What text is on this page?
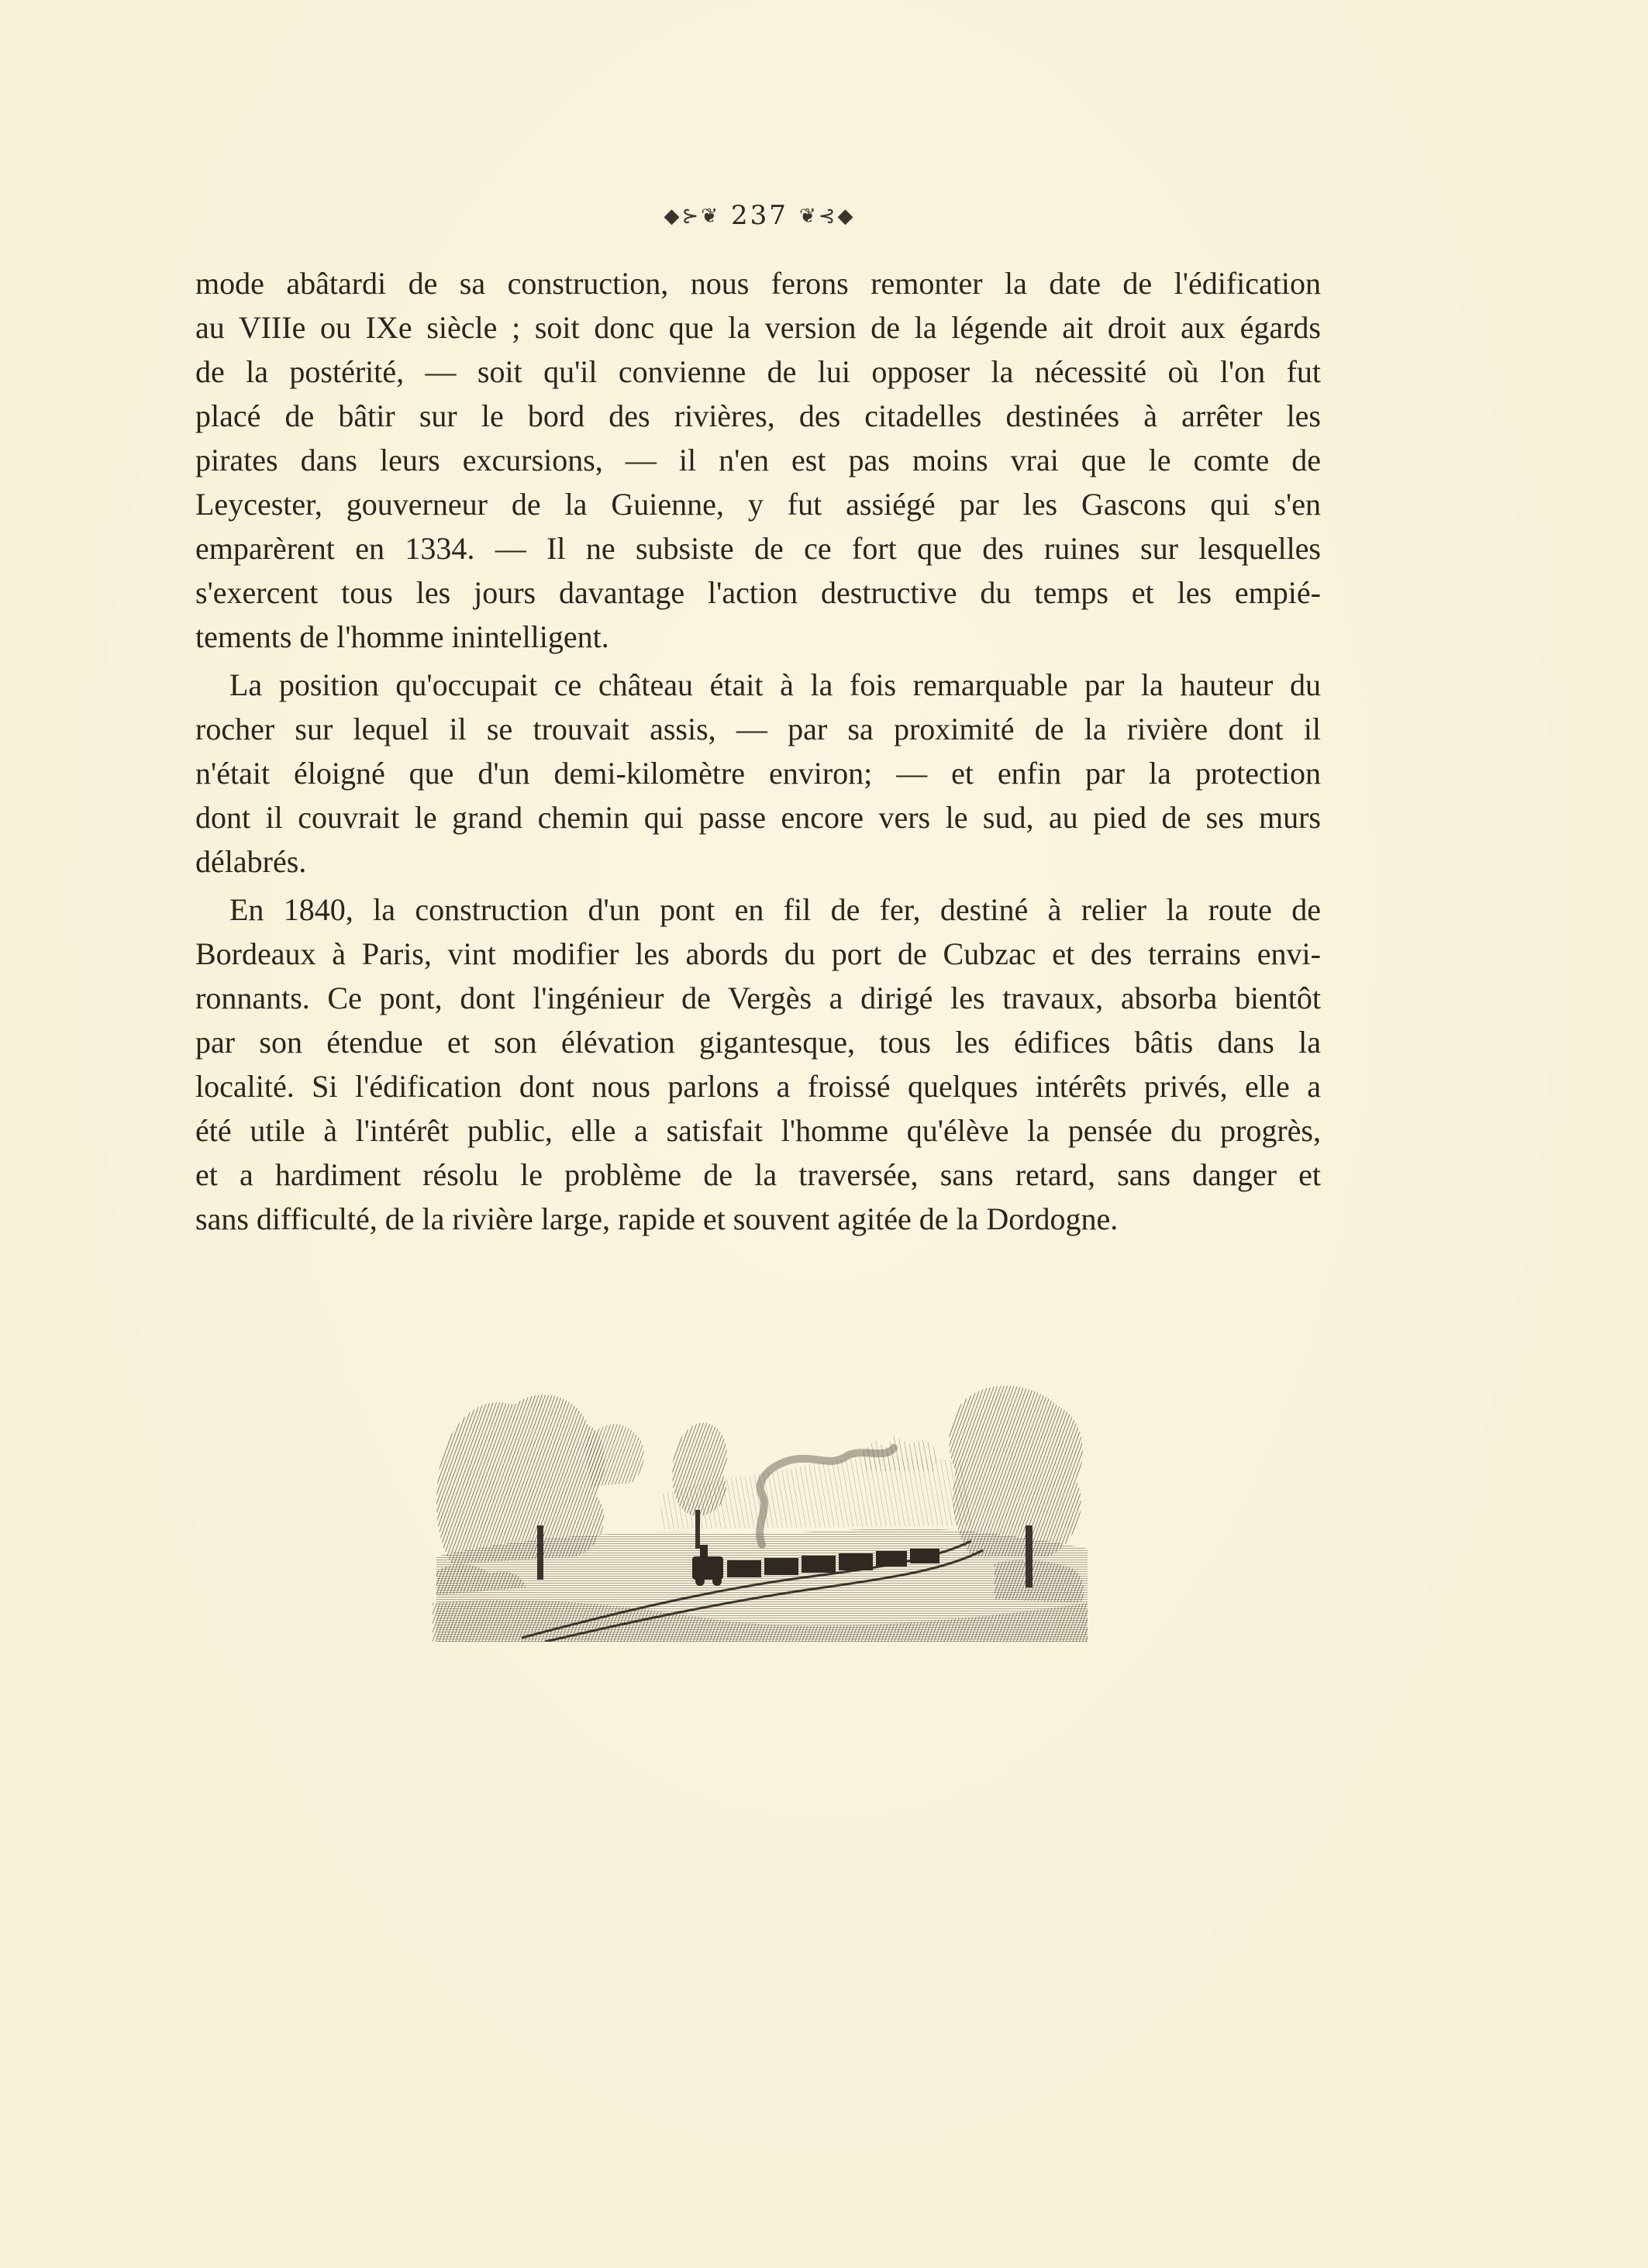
◆⊱❦ 237 ❦⊰◆
mode abâtardi de sa construction, nous ferons remonter la date de l'édification
au VIIIe ou IXe siècle ; soit donc que la version de la légende ait droit aux égards
de la postérité, — soit qu'il convienne de lui opposer la nécessité où l'on fut
placé de bâtir sur le bord des rivières, des citadelles destinées à arrêter les
pirates dans leurs excursions, — il n'en est pas moins vrai que le comte de
Leycester, gouverneur de la Guienne, y fut assiégé par les Gascons qui s'en
emparèrent en 1334. — Il ne subsiste de ce fort que des ruines sur lesquelles
s'exercent tous les jours davantage l'action destructive du temps et les empié-
tements de l'homme inintelligent.
La position qu'occupait ce château était à la fois remarquable par la hauteur du
rocher sur lequel il se trouvait assis, — par sa proximité de la rivière dont il
n'était éloigné que d'un demi-kilomètre environ; — et enfin par la protection
dont il couvrait le grand chemin qui passe encore vers le sud, au pied de ses murs
délabrés.
En 1840, la construction d'un pont en fil de fer, destiné à relier la route de
Bordeaux à Paris, vint modifier les abords du port de Cubzac et des terrains envi-
ronnants. Ce pont, dont l'ingénieur de Vergès a dirigé les travaux, absorba bientôt
par son étendue et son élévation gigantesque, tous les édifices bâtis dans la
localité. Si l'édification dont nous parlons a froissé quelques intérêts privés, elle a
été utile à l'intérêt public, elle a satisfait l'homme qu'élève la pensée du progrès,
et a hardiment résolu le problème de la traversée, sans retard, sans danger et
sans difficulté, de la rivière large, rapide et souvent agitée de la Dordogne.
